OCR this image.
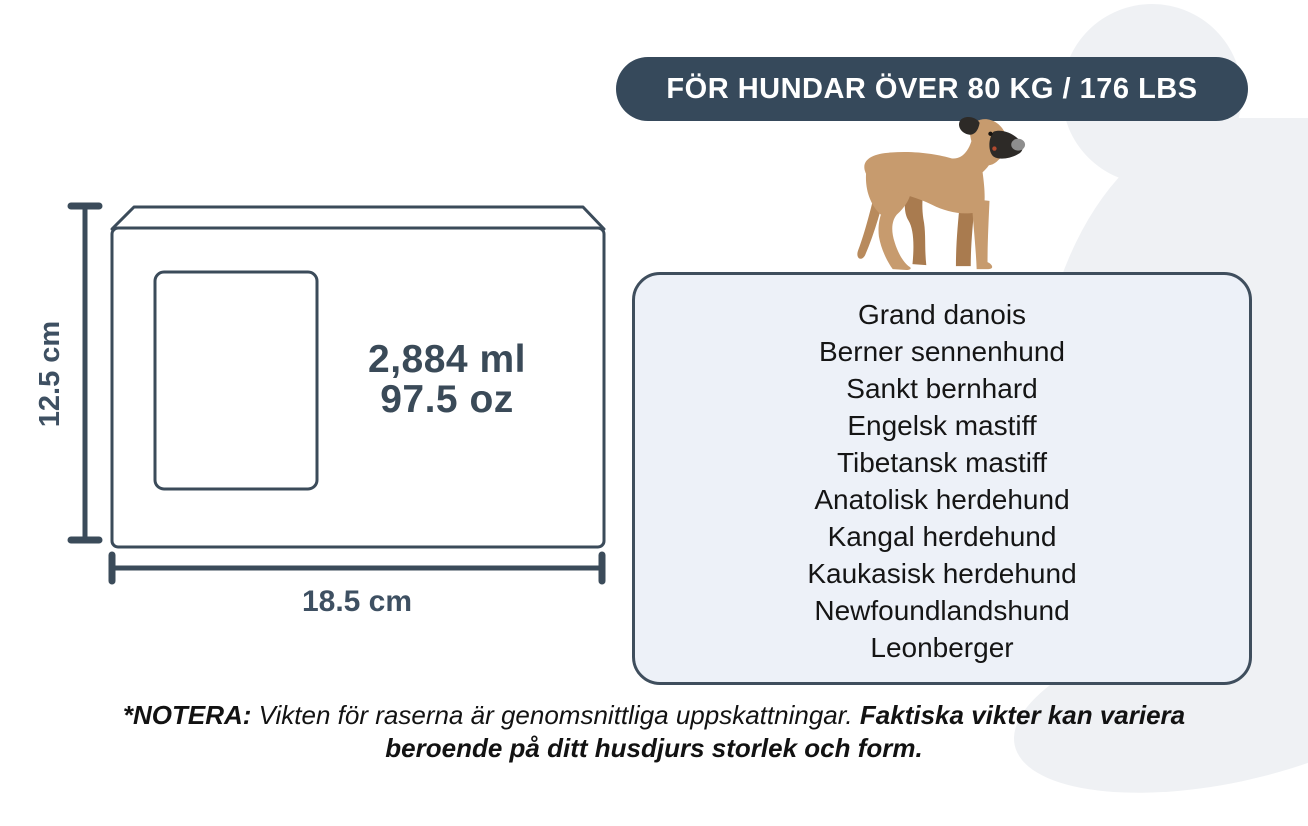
FÖR HUNDAR ÖVER 80 KG / 176 LBS
Grand danois
Berner sennenhund
Sankt bernhard
Engelsk mastiff
Tibetansk mastiff
Anatolisk herdehund
Kangal herdehund
Kaukasisk herdehund
Newfoundlandshund
Leonberger
12.5 cm	2,884 ml
97.5 oz
18.5 cm

*NOTERA: Vikten för raserna är genomsnittliga uppskattningar. Faktiska vikter kan variera beroende på ditt husdjurs storlek och form.
